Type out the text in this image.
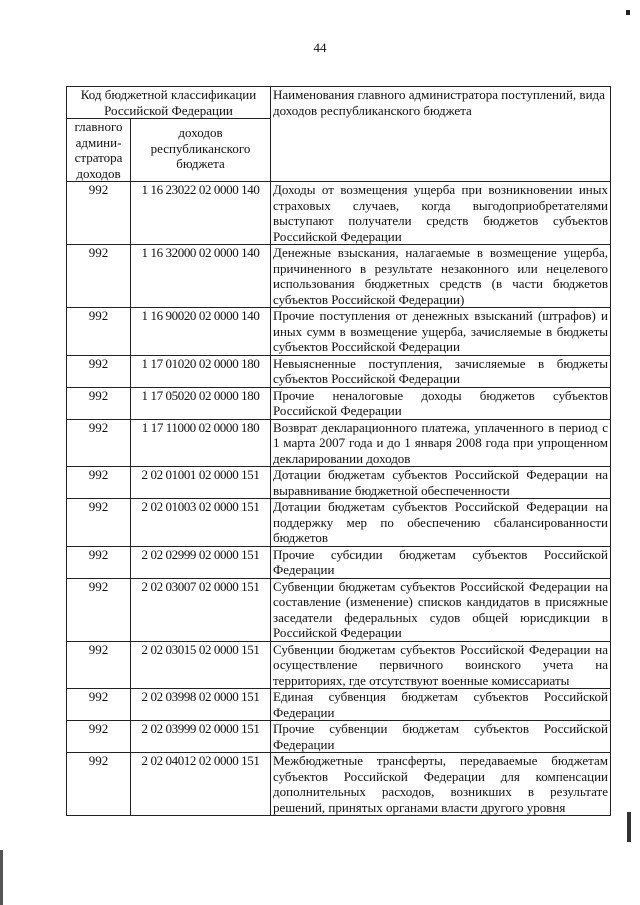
44
Код бюджетной классификации Российской Федерации		Наименования главного администратора поступлений, вида доходов республиканского бюджета
главного админи-стратора доходов	доходов республиканского бюджета	
992	1 16 23022 02 0000 140	Доходы от возмещения ущерба при возникновении иных страховых случаев, когда выгодоприобретателями выступают получатели средств бюджетов субъектов Российской Федерации
992	1 16 32000 02 0000 140	Денежные взыскания, налагаемые в возмещение ущерба, причиненного в результате незаконного или нецелевого использования бюджетных средств (в части бюджетов субъектов Российской Федерации)
992	1 16 90020 02 0000 140	Прочие поступления от денежных взысканий (штрафов) и иных сумм в возмещение ущерба, зачисляемые в бюджеты субъектов Российской Федерации
992	1 17 01020 02 0000 180	Невыясненные поступления, зачисляемые в бюджеты субъектов Российской Федерации
992	1 17 05020 02 0000 180	Прочие неналоговые доходы бюджетов субъектов Российской Федерации
992	1 17 11000 02 0000 180	Возврат декларационного платежа, уплаченного в период с 1 марта 2007 года и до 1 января 2008 года при упрощенном декларировании доходов
992	2 02 01001 02 0000 151	Дотации бюджетам субъектов Российской Федерации на выравнивание бюджетной обеспеченности
992	2 02 01003 02 0000 151	Дотации бюджетам субъектов Российской Федерации на поддержку мер по обеспечению сбалансированности бюджетов
992	2 02 02999 02 0000 151	Прочие субсидии бюджетам субъектов Российской Федерации
992	2 02 03007 02 0000 151	Субвенции бюджетам субъектов Российской Федерации на составление (изменение) списков кандидатов в присяжные заседатели федеральных судов общей юрисдикции в Российской Федерации
992	2 02 03015 02 0000 151	Субвенции бюджетам субъектов Российской Федерации на осуществление первичного воинского учета на территориях, где отсутствуют военные комиссариаты
992	2 02 03998 02 0000 151	Единая субвенция бюджетам субъектов Российской Федерации
992	2 02 03999 02 0000 151	Прочие субвенции бюджетам субъектов Российской Федерации
992	2 02 04012 02 0000 151	Межбюджетные трансферты, передаваемые бюджетам субъектов Российской Федерации для компенсации дополнительных расходов, возникших в результате решений, принятых органами власти другого уровня
